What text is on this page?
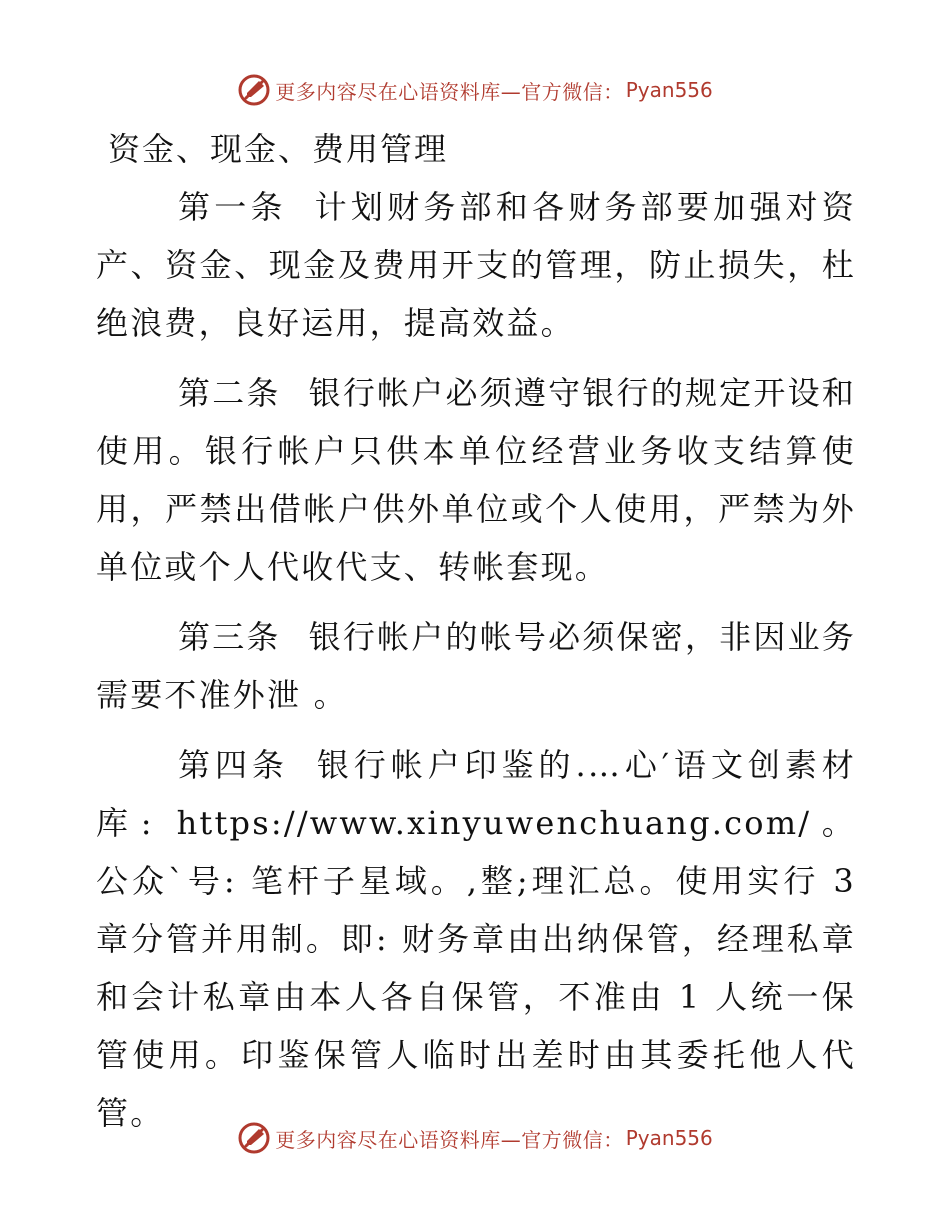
更多内容尽在心语资料库—官方微信： Pyan556
资金、现金、费用管理

第一条 计划财务部和各财务部要加强对资产、资金、现金及费用开支的管理，防止损失，杜绝浪费，良好运用，提高效益。

第二条 银行帐户必须遵守银行的规定开设和使用。银行帐户只供本单位经营业务收支结算使用，严禁出借帐户供外单位或个人使用，严禁为外单位或个人代收代支、转帐套现。

第三条 银行帐户的帐号必须保密，非因业务需要不准外泄 。

第四条 银行帐户印鉴的.…心′语文创素材库: https://www.xinyuwenchuang.com/。公众`号: 笔杆子星域。,整;理汇总。使用实行 3 章分管并用制。即: 财务章由出纳保管，经理私章和会计私章由本人各自保管，不准由 1 人统一保管使用。印鉴保管人临时出差时由其委托他人代管。

更多内容尽在心语资料库—官方微信： Pyan556
